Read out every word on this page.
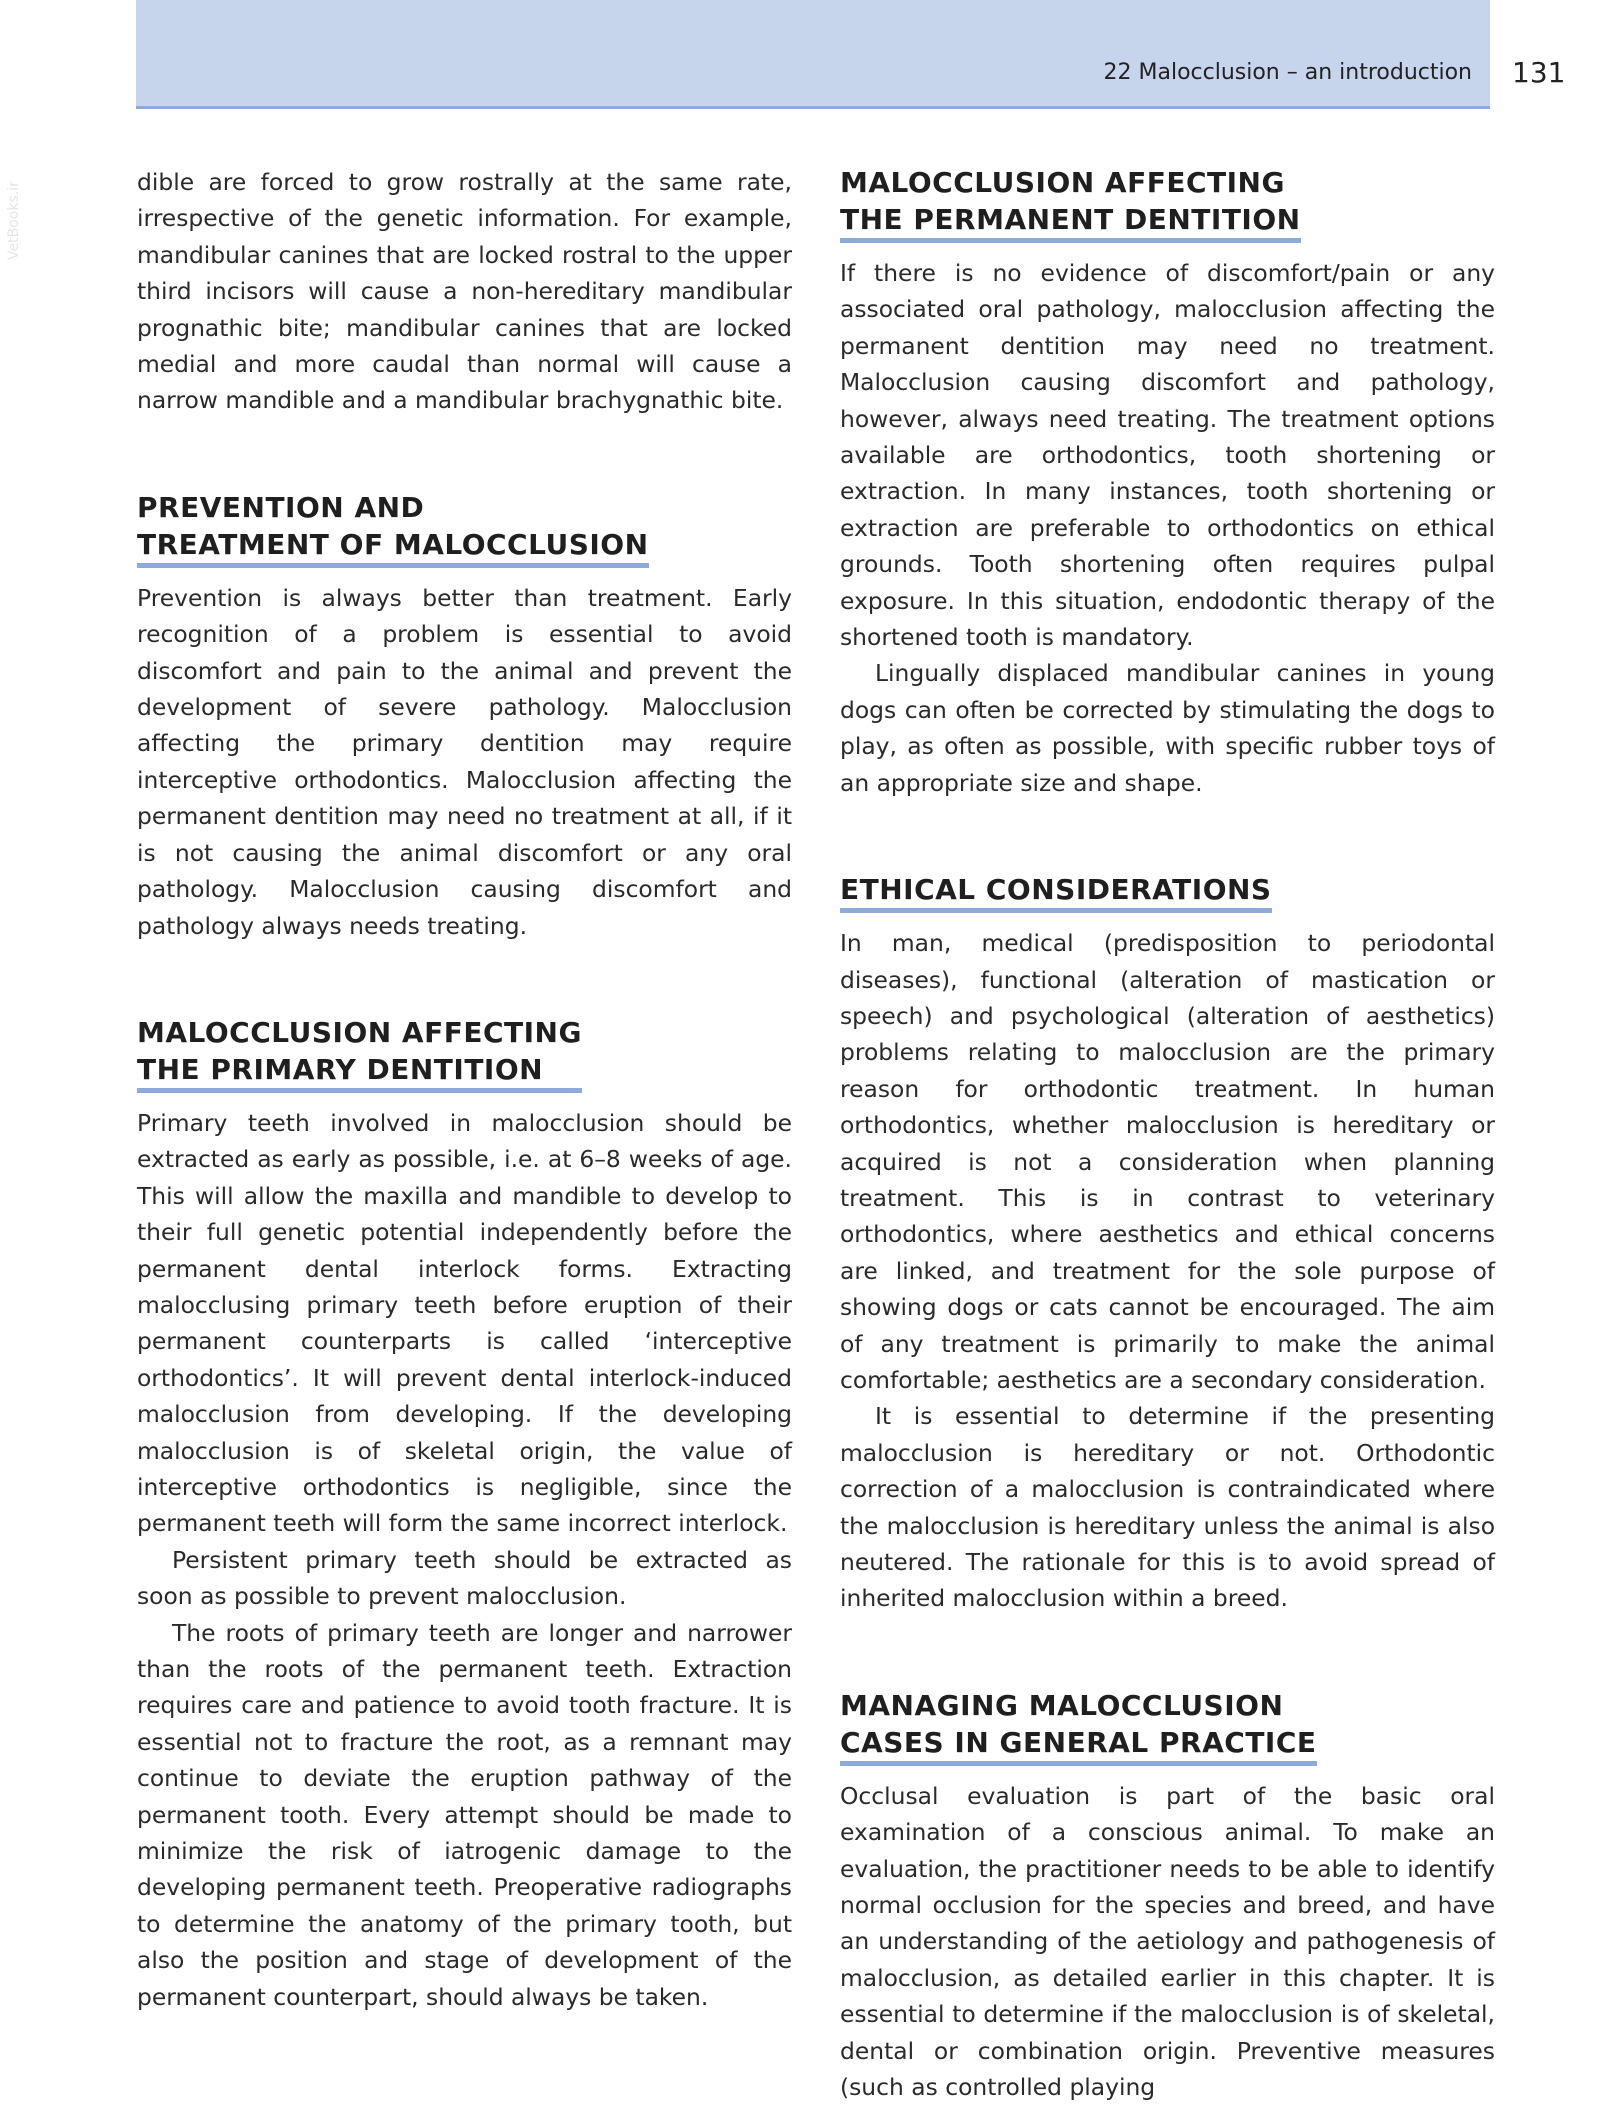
22 Malocclusion – an introduction 131
VetBooks.ir	dible are forced to grow rostrally at the same rate, irrespective of the genetic information. For example, mandibular canines that are locked rostral to the upper third incisors will cause a non-hereditary mandibular prognathic bite; mandibular canines that are locked medial and more caudal than normal will cause a narrow mandible and a mandibular brachygnathic bite.

PREVENTION AND
TREATMENT OF MALOCCLUSION

Prevention is always better than treatment. Early recognition of a problem is essential to avoid discomfort and pain to the animal and prevent the development of severe pathology. Malocclusion affecting the primary dentition may require interceptive orthodontics. Malocclusion affecting the permanent dentition may need no treatment at all, if it is not causing the animal discomfort or any oral pathology. Malocclusion causing discomfort and pathology always needs treating.

MALOCCLUSION AFFECTING
THE PRIMARY DENTITION

Primary teeth involved in malocclusion should be extracted as early as possible, i.e. at 6–8 weeks of age. This will allow the maxilla and mandible to develop to their full genetic potential independently before the permanent dental interlock forms. Extracting malocclusing primary teeth before eruption of their permanent counterparts is called ‘interceptive orthodontics’. It will prevent dental interlock-induced malocclusion from developing. If the developing malocclusion is of skeletal origin, the value of interceptive orthodontics is negligible, since the permanent teeth will form the same incorrect interlock.

Persistent primary teeth should be extracted as soon as possible to prevent malocclusion.

The roots of primary teeth are longer and narrower than the roots of the permanent teeth. Extraction requires care and patience to avoid tooth fracture. It is essential not to fracture the root, as a remnant may continue to deviate the eruption pathway of the permanent tooth. Every attempt should be made to minimize the risk of iatrogenic damage to the developing permanent teeth. Preoperative radiographs to determine the anatomy of the primary tooth, but also the position and stage of development of the permanent counterpart, should always be taken.

MALOCCLUSION AFFECTING
THE PERMANENT DENTITION

If there is no evidence of discomfort/pain or any associated oral pathology, malocclusion affecting the permanent dentition may need no treatment. Malocclusion causing discomfort and pathology, however, always need treating. The treatment options available are orthodontics, tooth shortening or extraction. In many instances, tooth shortening or extraction are preferable to orthodontics on ethical grounds. Tooth shortening often requires pulpal exposure. In this situation, endodontic therapy of the shortened tooth is mandatory.

Lingually displaced mandibular canines in young dogs can often be corrected by stimulating the dogs to play, as often as possible, with specific rubber toys of an appropriate size and shape.

ETHICAL CONSIDERATIONS

In man, medical (predisposition to periodontal diseases), functional (alteration of mastication or speech) and psychological (alteration of aesthetics) problems relating to malocclusion are the primary reason for orthodontic treatment. In human orthodontics, whether malocclusion is hereditary or acquired is not a consideration when planning treatment. This is in contrast to veterinary orthodontics, where aesthetics and ethical concerns are linked, and treatment for the sole purpose of showing dogs or cats cannot be encouraged. The aim of any treatment is primarily to make the animal comfortable; aesthetics are a secondary consideration.

It is essential to determine if the presenting malocclusion is hereditary or not. Orthodontic correction of a malocclusion is contraindicated where the malocclusion is hereditary unless the animal is also neutered. The rationale for this is to avoid spread of inherited malocclusion within a breed.

MANAGING MALOCCLUSION
CASES IN GENERAL PRACTICE

Occlusal evaluation is part of the basic oral examination of a conscious animal. To make an evaluation, the practitioner needs to be able to identify normal occlusion for the species and breed, and have an understanding of the aetiology and pathogenesis of malocclusion, as detailed earlier in this chapter. It is essential to determine if the malocclusion is of skeletal, dental or combination origin. Preventive measures (such as controlled playing
